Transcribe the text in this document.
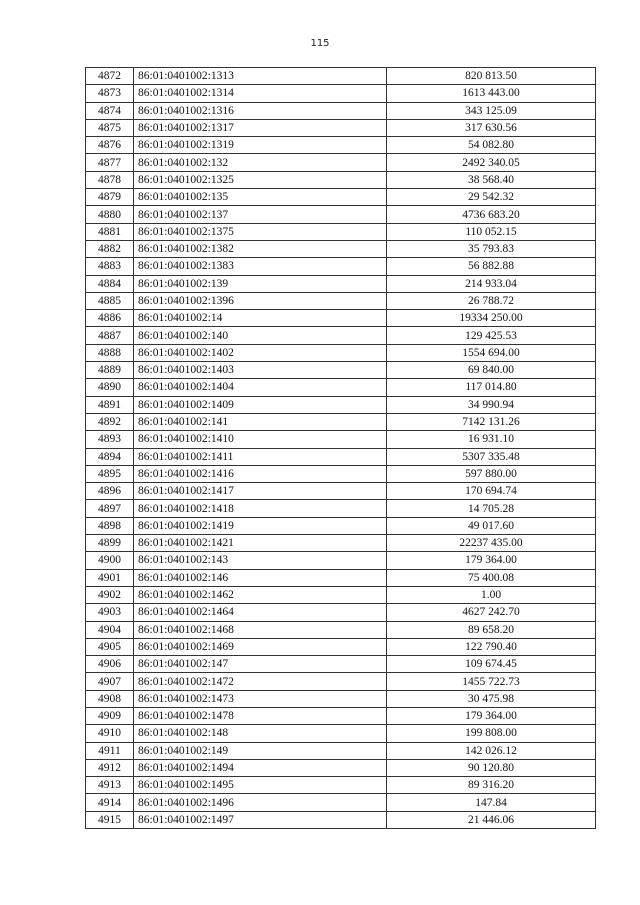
115
4872	86:01:0401002:1313	820 813.50
4873	86:01:0401002:1314	1613 443.00
4874	86:01:0401002:1316	343 125.09
4875	86:01:0401002:1317	317 630.56
4876	86:01:0401002:1319	54 082.80
4877	86:01:0401002:132	2492 340.05
4878	86:01:0401002:1325	38 568.40
4879	86:01:0401002:135	29 542.32
4880	86:01:0401002:137	4736 683.20
4881	86:01:0401002:1375	110 052.15
4882	86:01:0401002:1382	35 793.83
4883	86:01:0401002:1383	56 882.88
4884	86:01:0401002:139	214 933.04
4885	86:01:0401002:1396	26 788.72
4886	86:01:0401002:14	19334 250.00
4887	86:01:0401002:140	129 425.53
4888	86:01:0401002:1402	1554 694.00
4889	86:01:0401002:1403	69 840.00
4890	86:01:0401002:1404	117 014.80
4891	86:01:0401002:1409	34 990.94
4892	86:01:0401002:141	7142 131.26
4893	86:01:0401002:1410	16 931.10
4894	86:01:0401002:1411	5307 335.48
4895	86:01:0401002:1416	597 880.00
4896	86:01:0401002:1417	170 694.74
4897	86:01:0401002:1418	14 705.28
4898	86:01:0401002:1419	49 017.60
4899	86:01:0401002:1421	22237 435.00
4900	86:01:0401002:143	179 364.00
4901	86:01:0401002:146	75 400.08
4902	86:01:0401002:1462	1.00
4903	86:01:0401002:1464	4627 242.70
4904	86:01:0401002:1468	89 658.20
4905	86:01:0401002:1469	122 790.40
4906	86:01:0401002:147	109 674.45
4907	86:01:0401002:1472	1455 722.73
4908	86:01:0401002:1473	30 475.98
4909	86:01:0401002:1478	179 364.00
4910	86:01:0401002:148	199 808.00
4911	86:01:0401002:149	142 026.12
4912	86:01:0401002:1494	90 120.80
4913	86:01:0401002:1495	89 316.20
4914	86:01:0401002:1496	147.84
4915	86:01:0401002:1497	21 446.06
